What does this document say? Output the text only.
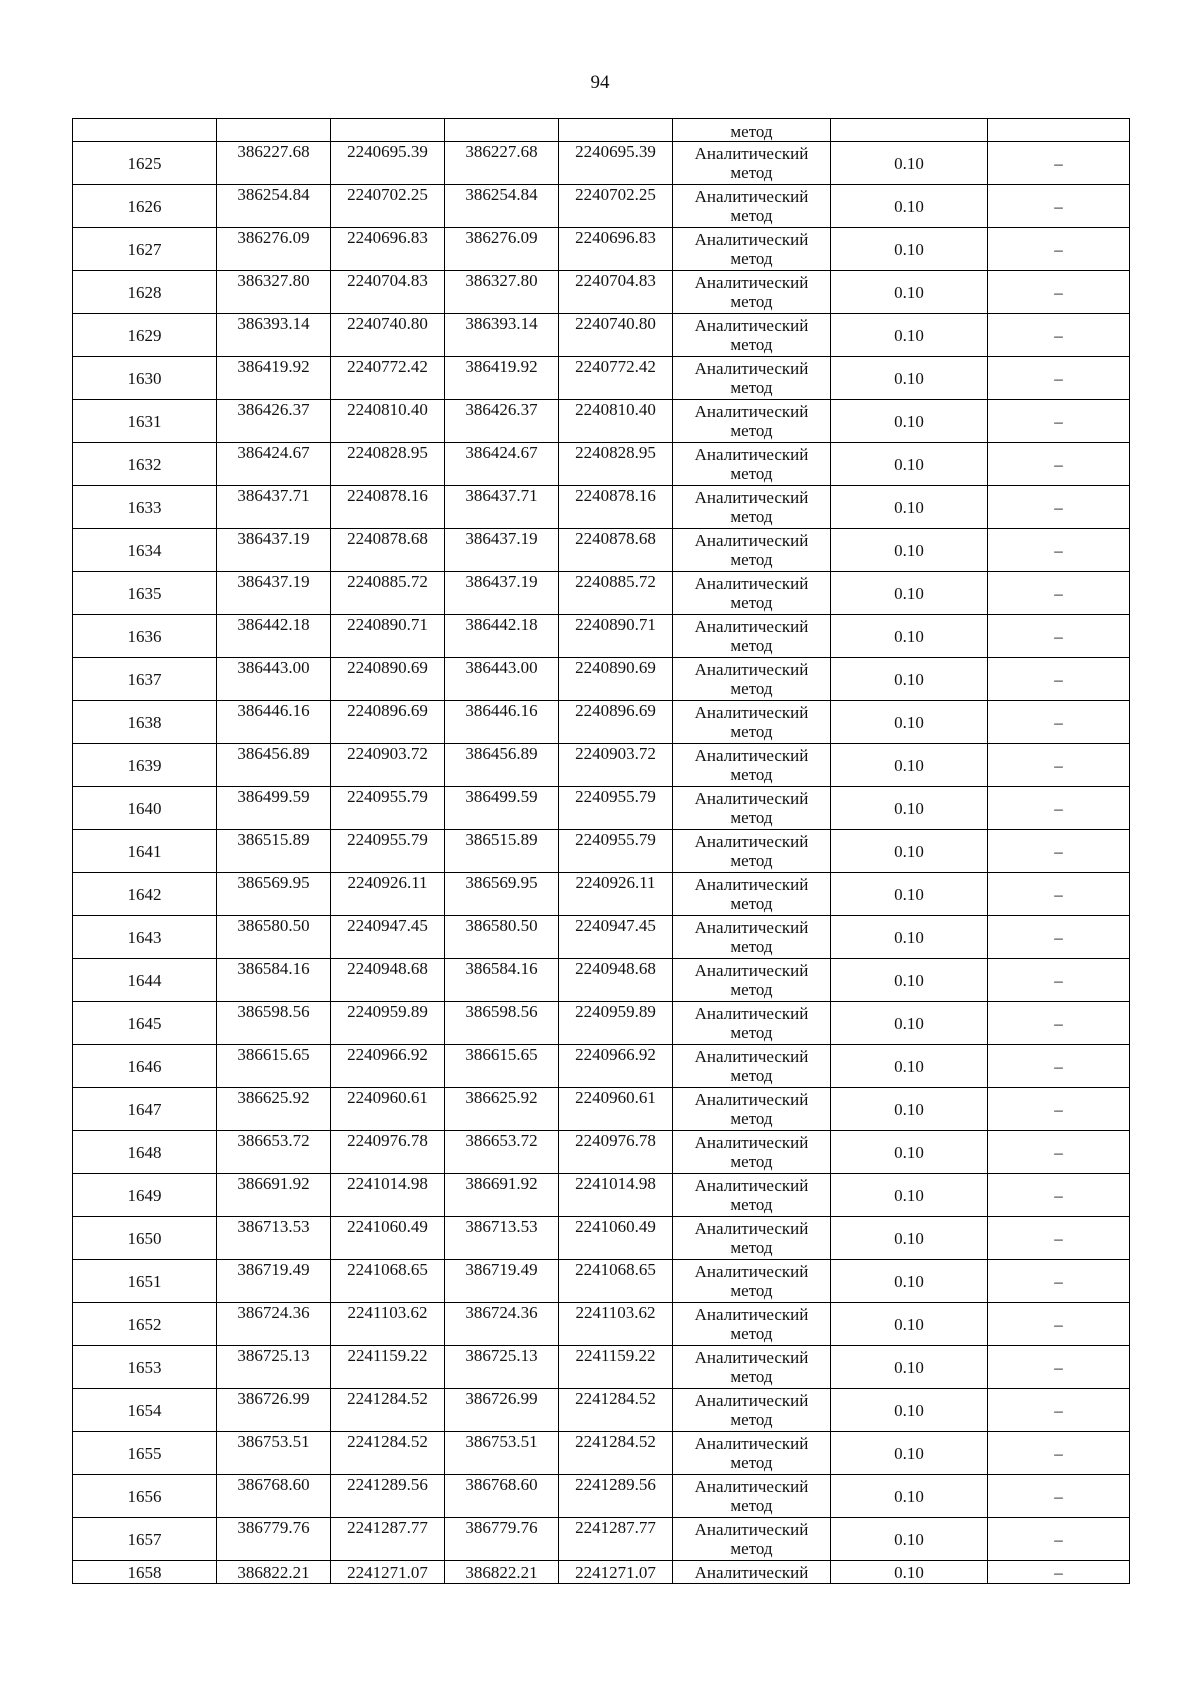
94
					метод		
1625	386227.68	2240695.39	386227.68	2240695.39	Аналитический метод	0.10	–
1626	386254.84	2240702.25	386254.84	2240702.25	Аналитический метод	0.10	–
1627	386276.09	2240696.83	386276.09	2240696.83	Аналитический метод	0.10	–
1628	386327.80	2240704.83	386327.80	2240704.83	Аналитический метод	0.10	–
1629	386393.14	2240740.80	386393.14	2240740.80	Аналитический метод	0.10	–
1630	386419.92	2240772.42	386419.92	2240772.42	Аналитический метод	0.10	–
1631	386426.37	2240810.40	386426.37	2240810.40	Аналитический метод	0.10	–
1632	386424.67	2240828.95	386424.67	2240828.95	Аналитический метод	0.10	–
1633	386437.71	2240878.16	386437.71	2240878.16	Аналитический метод	0.10	–
1634	386437.19	2240878.68	386437.19	2240878.68	Аналитический метод	0.10	–
1635	386437.19	2240885.72	386437.19	2240885.72	Аналитический метод	0.10	–
1636	386442.18	2240890.71	386442.18	2240890.71	Аналитический метод	0.10	–
1637	386443.00	2240890.69	386443.00	2240890.69	Аналитический метод	0.10	–
1638	386446.16	2240896.69	386446.16	2240896.69	Аналитический метод	0.10	–
1639	386456.89	2240903.72	386456.89	2240903.72	Аналитический метод	0.10	–
1640	386499.59	2240955.79	386499.59	2240955.79	Аналитический метод	0.10	–
1641	386515.89	2240955.79	386515.89	2240955.79	Аналитический метод	0.10	–
1642	386569.95	2240926.11	386569.95	2240926.11	Аналитический метод	0.10	–
1643	386580.50	2240947.45	386580.50	2240947.45	Аналитический метод	0.10	–
1644	386584.16	2240948.68	386584.16	2240948.68	Аналитический метод	0.10	–
1645	386598.56	2240959.89	386598.56	2240959.89	Аналитический метод	0.10	–
1646	386615.65	2240966.92	386615.65	2240966.92	Аналитический метод	0.10	–
1647	386625.92	2240960.61	386625.92	2240960.61	Аналитический метод	0.10	–
1648	386653.72	2240976.78	386653.72	2240976.78	Аналитический метод	0.10	–
1649	386691.92	2241014.98	386691.92	2241014.98	Аналитический метод	0.10	–
1650	386713.53	2241060.49	386713.53	2241060.49	Аналитический метод	0.10	–
1651	386719.49	2241068.65	386719.49	2241068.65	Аналитический метод	0.10	–
1652	386724.36	2241103.62	386724.36	2241103.62	Аналитический метод	0.10	–
1653	386725.13	2241159.22	386725.13	2241159.22	Аналитический метод	0.10	–
1654	386726.99	2241284.52	386726.99	2241284.52	Аналитический метод	0.10	–
1655	386753.51	2241284.52	386753.51	2241284.52	Аналитический метод	0.10	–
1656	386768.60	2241289.56	386768.60	2241289.56	Аналитический метод	0.10	–
1657	386779.76	2241287.77	386779.76	2241287.77	Аналитический метод	0.10	–
1658	386822.21	2241271.07	386822.21	2241271.07	Аналитический	0.10	–
